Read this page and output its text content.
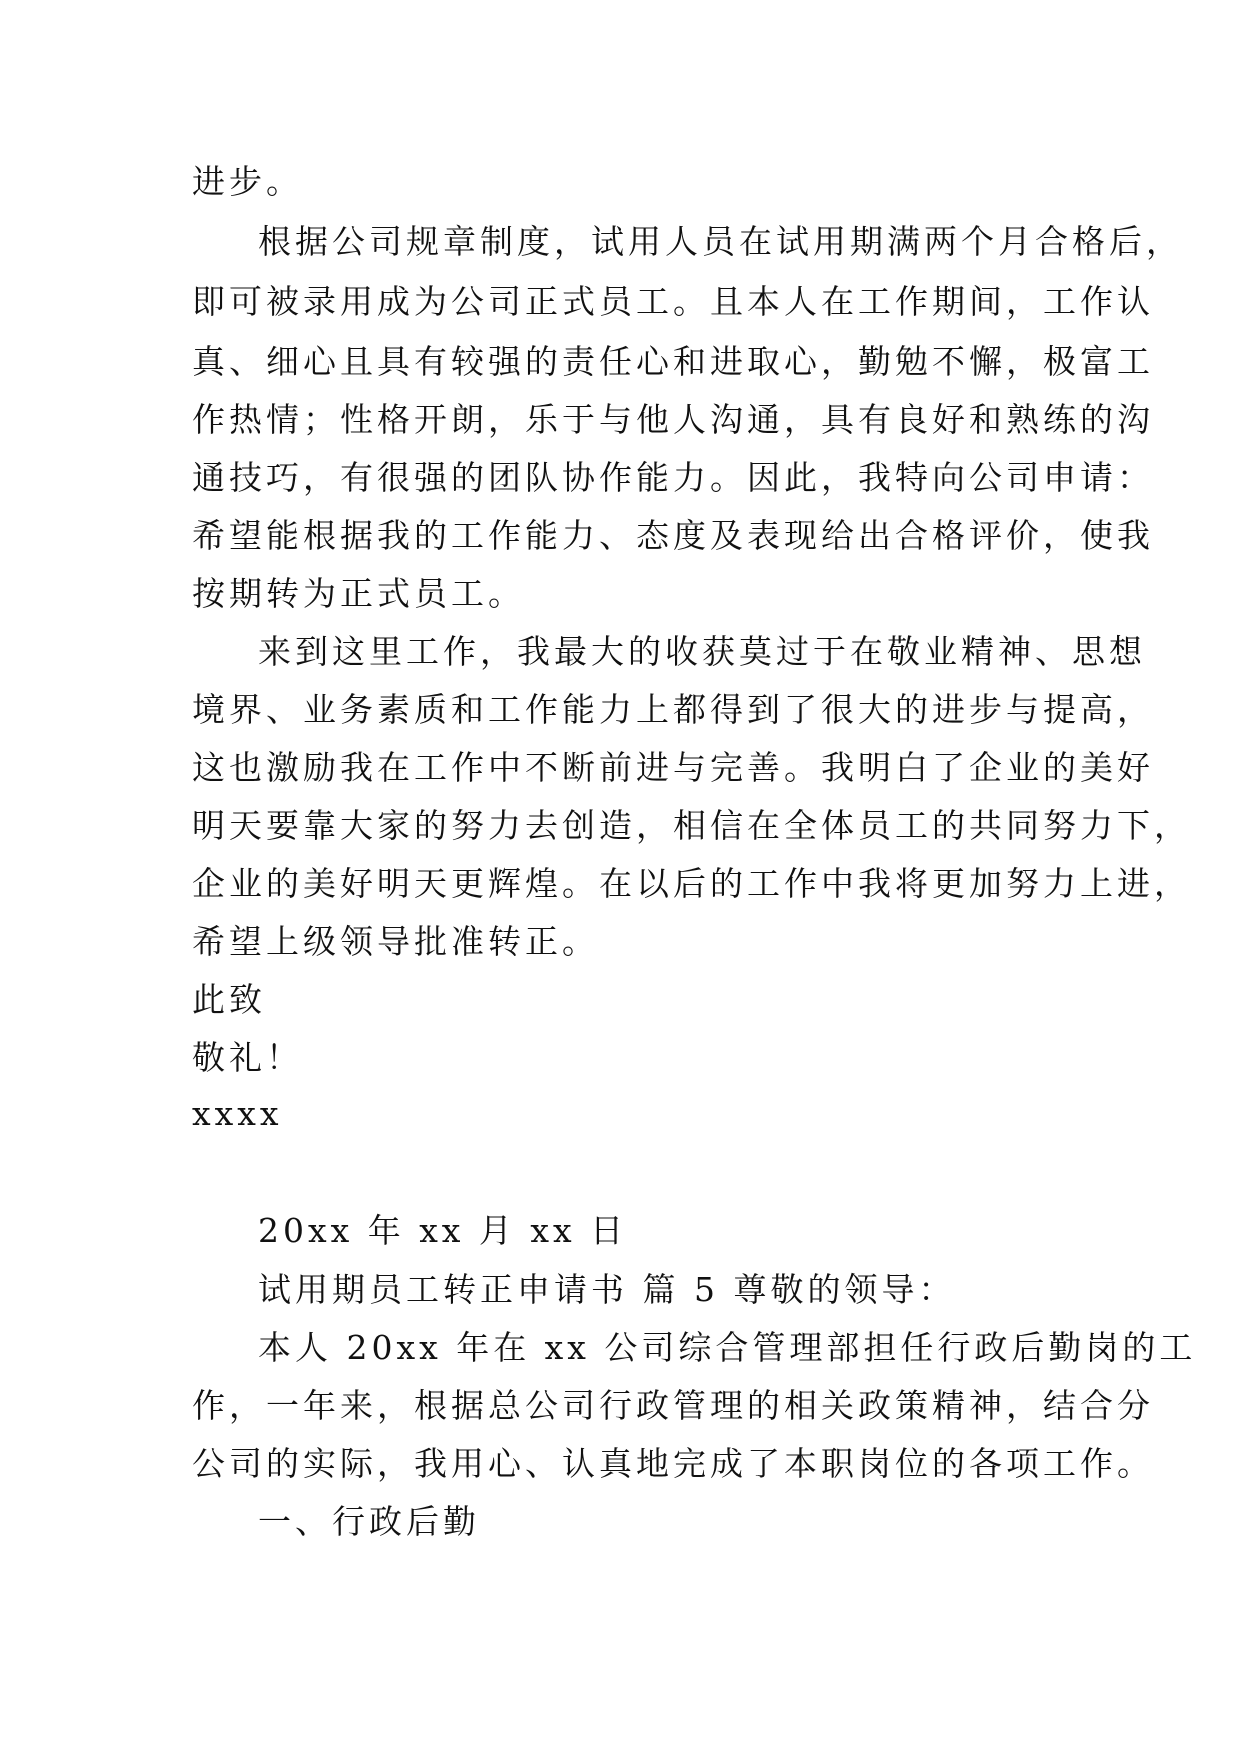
进步。
根据公司规章制度，试用人员在试用期满两个月合格后，
即可被录用成为公司正式员工。且本人在工作期间，工作认
真、细心且具有较强的责任心和进取心，勤勉不懈，极富工
作热情；性格开朗，乐于与他人沟通，具有良好和熟练的沟
通技巧，有很强的团队协作能力。因此，我特向公司申请：
希望能根据我的工作能力、态度及表现给出合格评价，使我
按期转为正式员工。
来到这里工作，我最大的收获莫过于在敬业精神、思想
境界、业务素质和工作能力上都得到了很大的进步与提高，
这也激励我在工作中不断前进与完善。我明白了企业的美好
明天要靠大家的努力去创造，相信在全体员工的共同努力下，
企业的美好明天更辉煌。在以后的工作中我将更加努力上进，
希望上级领导批准转正。
此致
敬礼！
xxxx
20xx 年 xx 月 xx 日
试用期员工转正申请书 篇 5 尊敬的领导：
本人 20xx 年在 xx 公司综合管理部担任行政后勤岗的工
作，一年来，根据总公司行政管理的相关政策精神，结合分
公司的实际，我用心、认真地完成了本职岗位的各项工作。
一、行政后勤
